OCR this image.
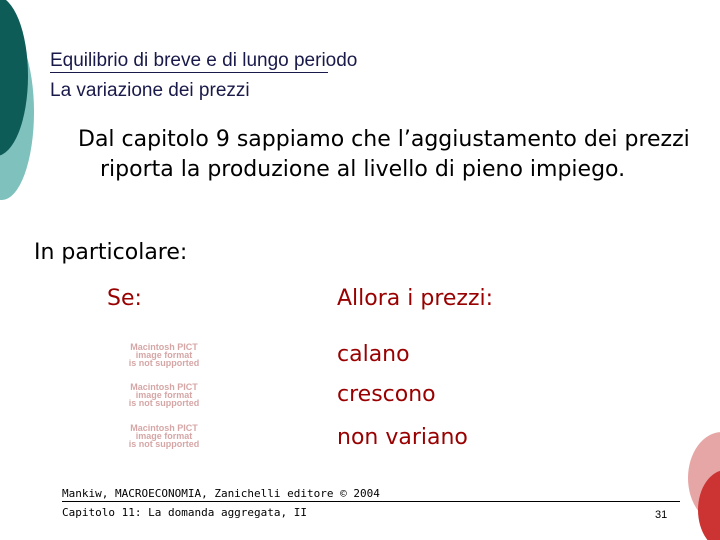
Equilibrio di breve e di lungo periodo
La variazione dei prezzi
Dal capitolo 9 sappiamo che l’aggiustamento dei prezzi riporta la produzione al livello di pieno impiego.
In particolare:
Se:	Allora i prezzi:
Macintosh PICT
image format
is not supported
Macintosh PICT
image format
is not supported
Macintosh PICT
image format
is not supported
calano
crescono
non variano
Mankiw, MACROECONOMIA, Zanichelli editore © 2004
Capitolo 11: La domanda aggregata, II	31
